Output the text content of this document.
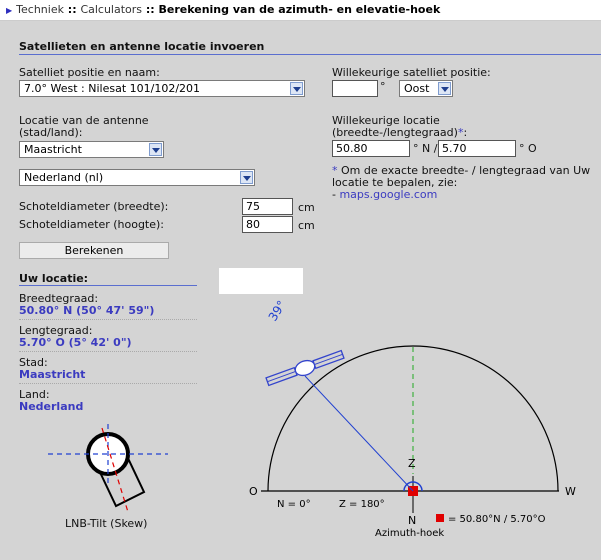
▶ Techniek :: Calculators :: Berekening van de azimuth- en elevatie-hoek
Satellieten en antenne locatie invoeren
Satelliet positie en naam:
7.0° West : Nilesat 101/102/201
Willekeurige satelliet positie:
°	Oost
Locatie van de antenne
(stad/land):
Maastricht
Nederland (nl)
Willekeurige locatie
(breedte-/lengtegraad)*:
50.80	° N / 5.70	° O
* Om de exacte breedte- / lengtegraad van Uw
locatie te bepalen, zie:
- maps.google.com
Schoteldiameter (breedte):	75	cm
Schoteldiameter (hoogte):	80	cm
Berekenen
Uw locatie:
Breedtegraad:
50.80° N (50° 47' 59")
Lengtegraad:
5.70° O (5° 42' 0")
Stad:
Maastricht
Land:
Nederland
LNB-Tilt (Skew)
39°
O	W
Z
N
N = 0°	Z = 180°
Azimuth-hoek
= 50.80°N / 5.70°O
